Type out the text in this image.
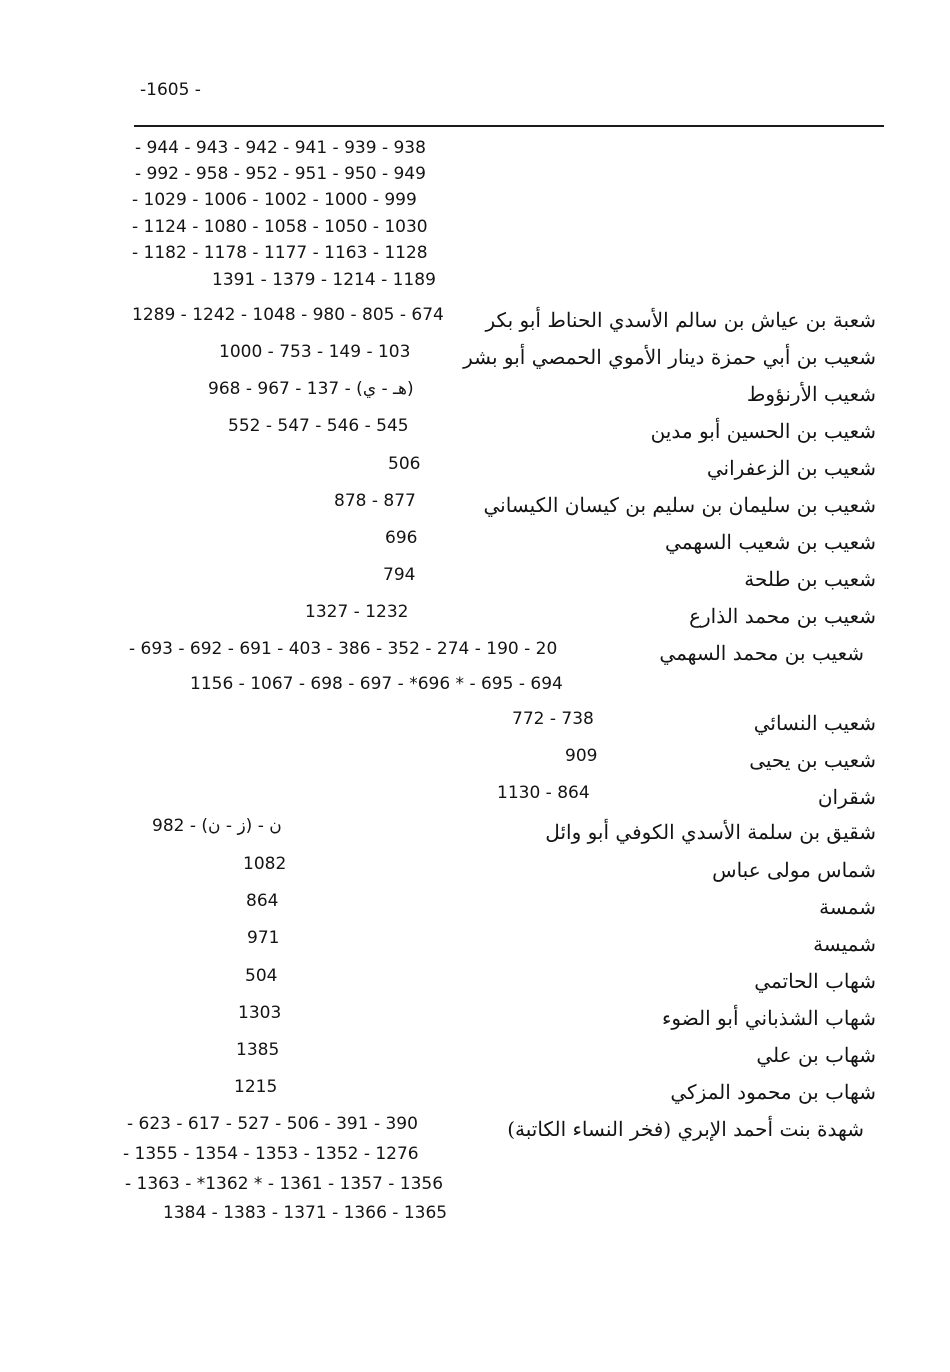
-1605 -
- 944 - 943 - 942 - 941 - 939 - 938
- 992 - 958 - 952 - 951 - 950 - 949
- 1029 - 1006 - 1002 - 1000 - 999
- 1124 - 1080 - 1058 - 1050 - 1030
- 1182 - 1178 - 1177 - 1163 - 1128
1391 - 1379 - 1214 - 1189
شعبة بن عياش بن سالم الأسدي الحناط أبو بكر
1289 - 1242 - 1048 - 980 - 805 - 674
شعيب بن أبي حمزة دينار الأموي الحمصي أبو بشر
1000 - 753 - 149 - 103
شعيب الأرنؤوط
968 - 967 - 137 - (هـ - ي)
شعيب بن الحسين أبو مدين
552 - 547 - 546 - 545
شعيب بن الزعفراني
506
شعيب بن سليمان بن سليم بن كيسان الكيساني
878 - 877
شعيب بن شعيب السهمي
696
شعيب بن طلحة
794
شعيب بن محمد الذارع
1327 - 1232
شعيب بن محمد السهمي
- 693 - 692 - 691 - 403 - 386 - 352 - 274 - 190 - 20
1156 - 1067 - 698 - 697 - *696 * - 695 - 694
شعيب النسائي
772 - 738
شعيب بن يحيى
909
شقران
1130 - 864
شقيق بن سلمة الأسدي الكوفي أبو وائل
ن - (ز - ن) - 982
شماس مولى عباس
1082
شمسة
864
شميسة
971
شهاب الحاتمي
504
شهاب الشذباني أبو الضوء
1303
شهاب بن علي
1385
شهاب بن محمود المزكي
1215
شهدة بنت أحمد الإبري (فخر النساء الكاتبة)
- 623 - 617 - 527 - 506 - 391 - 390
- 1355 - 1354 - 1353 - 1352 - 1276
- 1363 - *1362 * - 1361 - 1357 - 1356
1384 - 1383 - 1371 - 1366 - 1365
